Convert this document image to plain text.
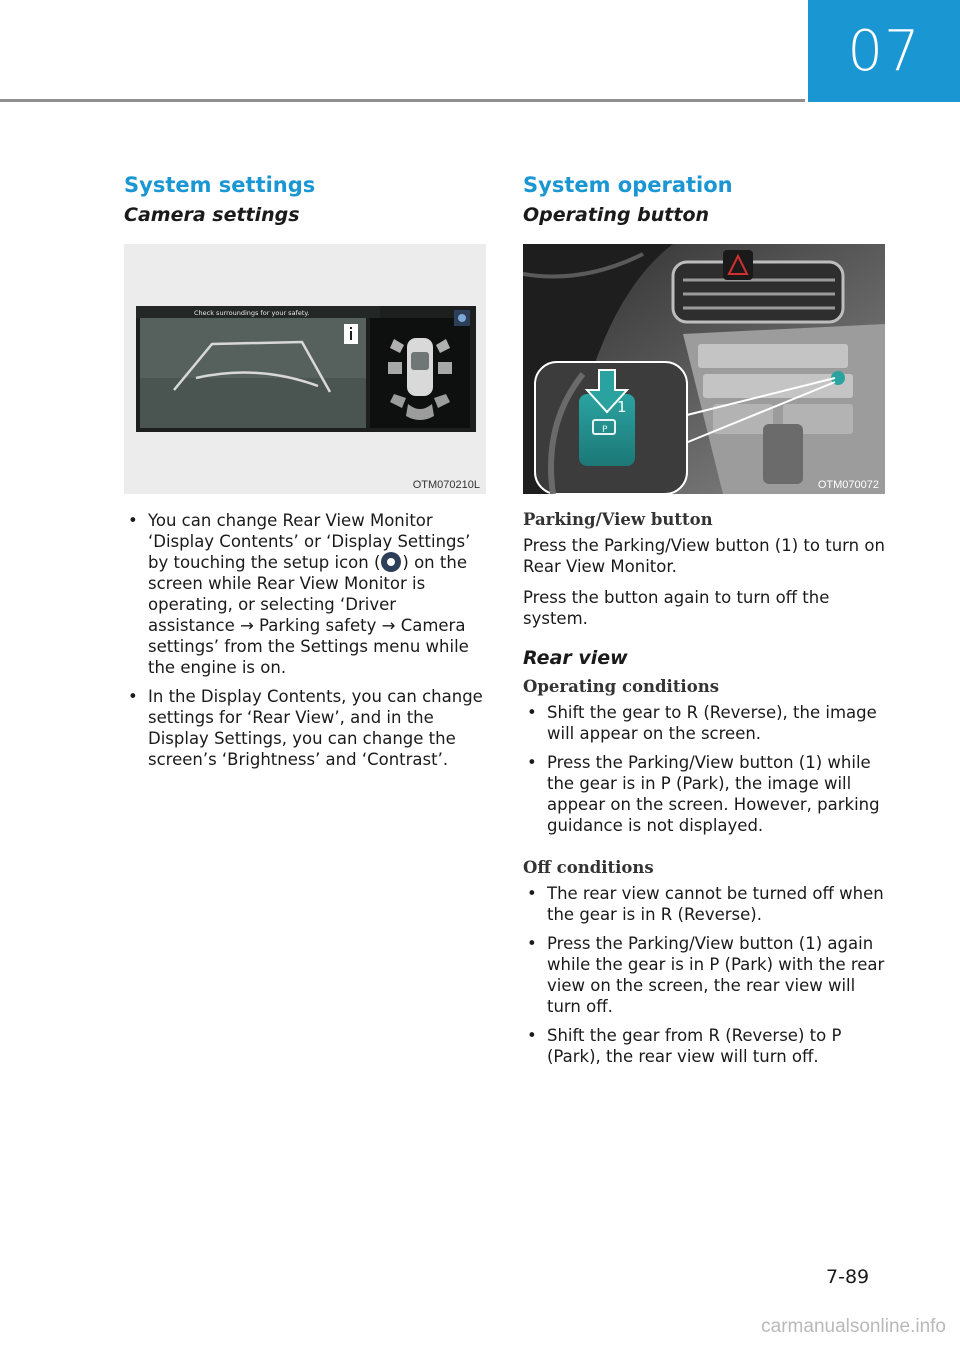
07
System settings
Camera settings
Check surroundings for your safety.
OTM070210L
• You can change Rear View Monitor ‘Display Contents’ or ‘Display Settings’ by touching the setup icon ( ) on the screen while Rear View Monitor is operating, or selecting ‘Driver assistance → Parking safety → Camera settings’ from the Settings menu while the engine is on.
• In the Display Contents, you can change settings for ‘Rear View’, and in the Display Settings, you can change the screen’s ‘Brightness’ and ‘Contrast’.
System operation
Operating button
P
1
OTM070072
Parking/View button

Press the Parking/View button (1) to turn on Rear View Monitor.

Press the button again to turn off the system.

Rear view
Operating conditions
• Shift the gear to R (Reverse), the image will appear on the screen.
• Press the Parking/View button (1) while the gear is in P (Park), the image will appear on the screen. However, parking guidance is not displayed.
Off conditions
• The rear view cannot be turned off when the gear is in R (Reverse).
• Press the Parking/View button (1) again while the gear is in P (Park) with the rear view on the screen, the rear view will turn off.
• Shift the gear from R (Reverse) to P (Park), the rear view will turn off.
7-89
carmanualsonline.info
